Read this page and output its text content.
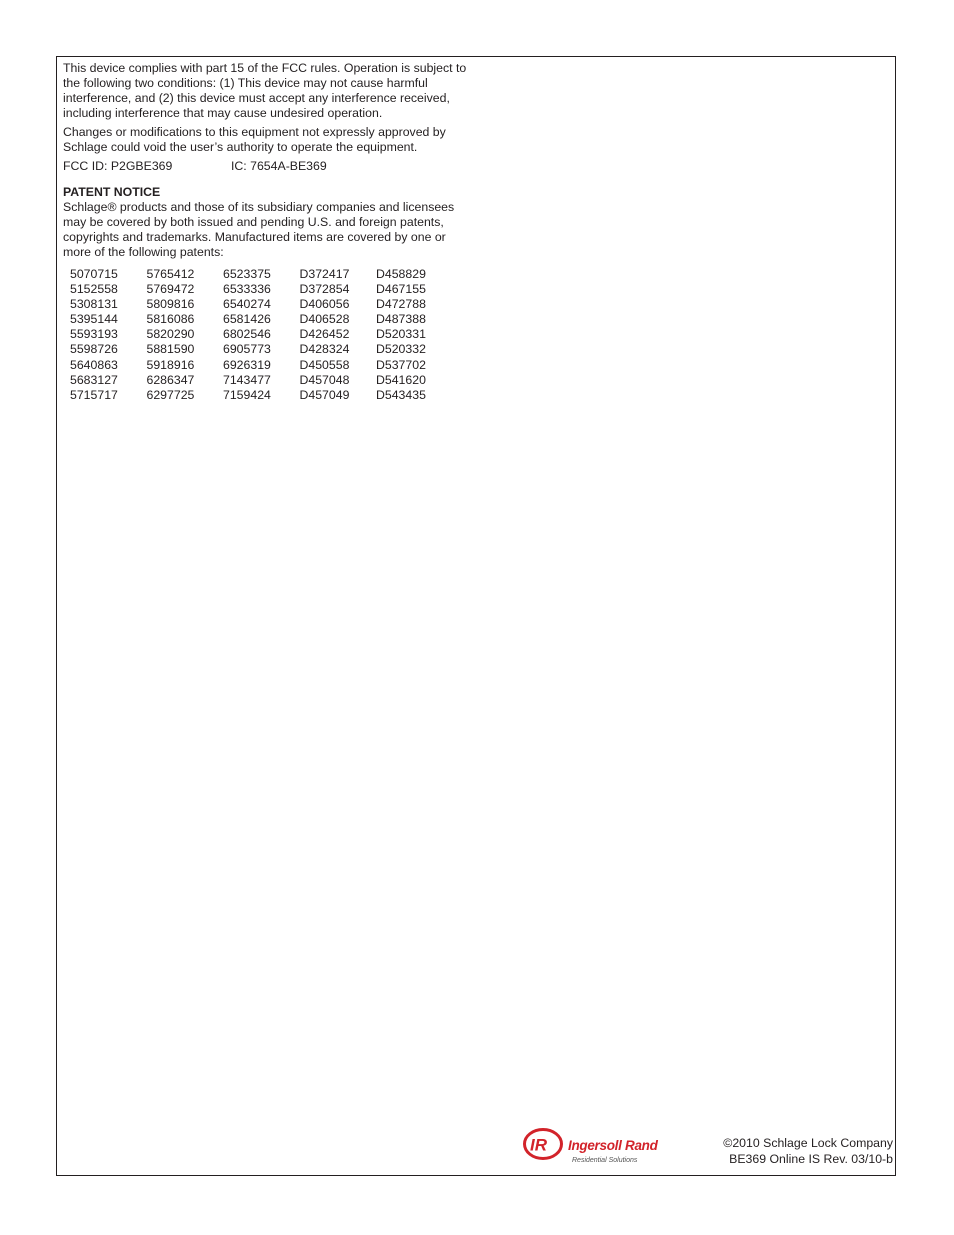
This device complies with part 15 of the FCC rules. Operation is subject to the following two conditions: (1) This device may not cause harmful interference, and (2) this device must accept any interference received, including interference that may cause undesired operation.

Changes or modifications to this equipment not expressly approved by Schlage could void the user’s authority to operate the equipment.

FCC ID: P2GBE369	IC: 7654A-BE369
PATENT NOTICE

Schlage® products and those of its subsidiary companies and licensees may be covered by both issued and pending U.S. and foreign patents, copyrights and trademarks. Manufactured items are covered by one or more of the following patents:

5070715
5152558
5308131
5395144
5593193
5598726
5640863
5683127
5715717
5765412
5769472
5809816
5816086
5820290
5881590
5918916
6286347
6297725
6523375
6533336
6540274
6581426
6802546
6905773
6926319
7143477
7159424
D372417
D372854
D406056
D406528
D426452
D428324
D450558
D457048
D457049
D458829
D467155
D472788
D487388
D520331
D520332
D537702
D541620
D543435
IR Ingersoll Rand
Residential Solutions
©2010 Schlage Lock Company
BE369 Online IS Rev. 03/10-b
